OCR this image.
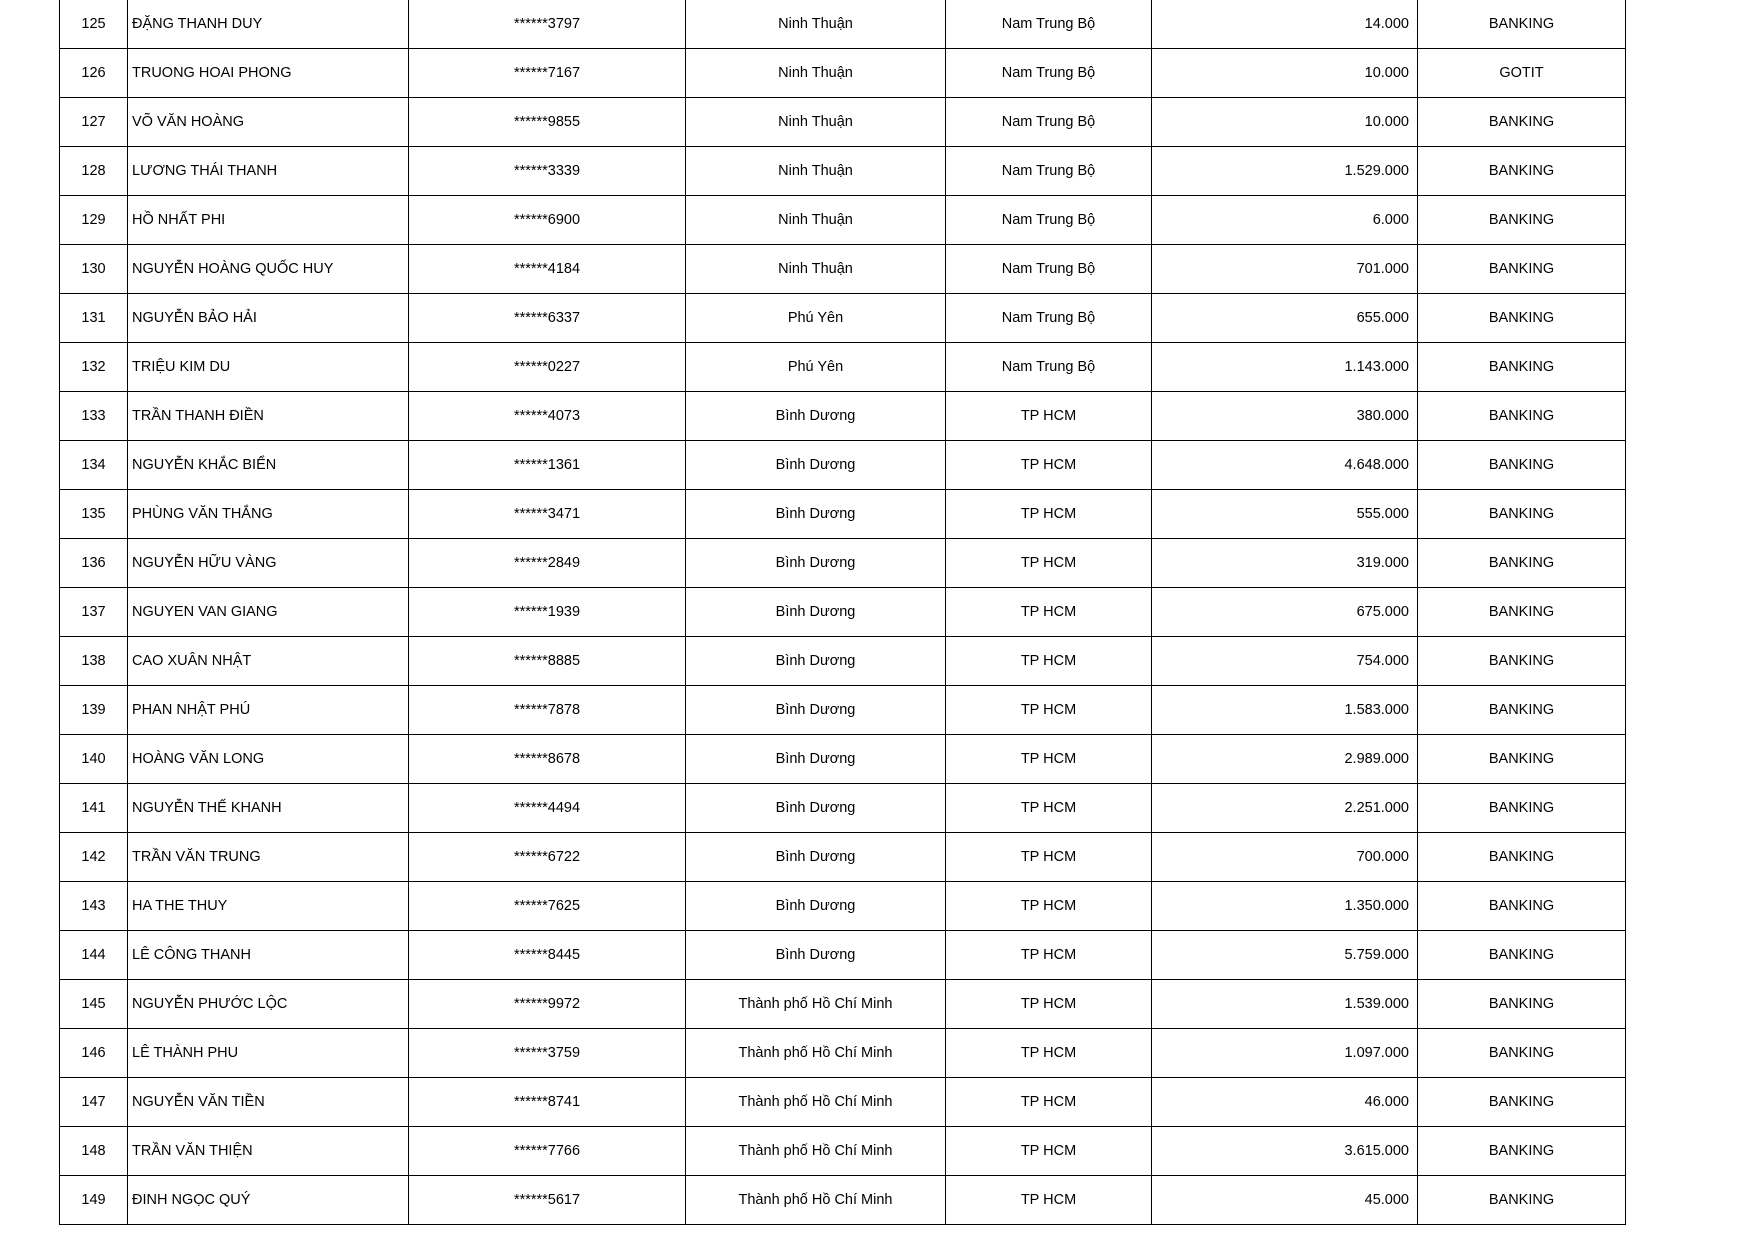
125	ĐẶNG THANH DUY	******3797	Ninh Thuận	Nam Trung Bộ	14.000	BANKING
126	TRUONG HOAI PHONG	******7167	Ninh Thuận	Nam Trung Bộ	10.000	GOTIT
127	VÕ VĂN HOÀNG	******9855	Ninh Thuận	Nam Trung Bộ	10.000	BANKING
128	LƯƠNG THÁI THANH	******3339	Ninh Thuận	Nam Trung Bộ	1.529.000	BANKING
129	HỒ NHẤT PHI	******6900	Ninh Thuận	Nam Trung Bộ	6.000	BANKING
130	NGUYỄN HOÀNG QUỐC HUY	******4184	Ninh Thuận	Nam Trung Bộ	701.000	BANKING
131	NGUYỄN BẢO HẢI	******6337	Phú Yên	Nam Trung Bộ	655.000	BANKING
132	TRIỆU KIM DU	******0227	Phú Yên	Nam Trung Bộ	1.143.000	BANKING
133	TRẦN THANH ĐIỀN	******4073	Bình Dương	TP HCM	380.000	BANKING
134	NGUYỄN KHẮC BIỂN	******1361	Bình Dương	TP HCM	4.648.000	BANKING
135	PHÙNG VĂN THẮNG	******3471	Bình Dương	TP HCM	555.000	BANKING
136	NGUYỄN HỮU VÀNG	******2849	Bình Dương	TP HCM	319.000	BANKING
137	NGUYEN VAN GIANG	******1939	Bình Dương	TP HCM	675.000	BANKING
138	CAO XUÂN NHẬT	******8885	Bình Dương	TP HCM	754.000	BANKING
139	PHAN NHẬT PHÚ	******7878	Bình Dương	TP HCM	1.583.000	BANKING
140	HOÀNG VĂN LONG	******8678	Bình Dương	TP HCM	2.989.000	BANKING
141	NGUYỄN THẾ KHANH	******4494	Bình Dương	TP HCM	2.251.000	BANKING
142	TRẦN VĂN TRUNG	******6722	Bình Dương	TP HCM	700.000	BANKING
143	HA THE THUY	******7625	Bình Dương	TP HCM	1.350.000	BANKING
144	LÊ CÔNG THANH	******8445	Bình Dương	TP HCM	5.759.000	BANKING
145	NGUYỄN PHƯỚC LỘC	******9972	Thành phố Hồ Chí Minh	TP HCM	1.539.000	BANKING
146	LÊ THÀNH PHU	******3759	Thành phố Hồ Chí Minh	TP HCM	1.097.000	BANKING
147	NGUYỄN VĂN TIỀN	******8741	Thành phố Hồ Chí Minh	TP HCM	46.000	BANKING
148	TRẦN VĂN THIỆN	******7766	Thành phố Hồ Chí Minh	TP HCM	3.615.000	BANKING
149	ĐINH NGỌC QUÝ	******5617	Thành phố Hồ Chí Minh	TP HCM	45.000	BANKING
